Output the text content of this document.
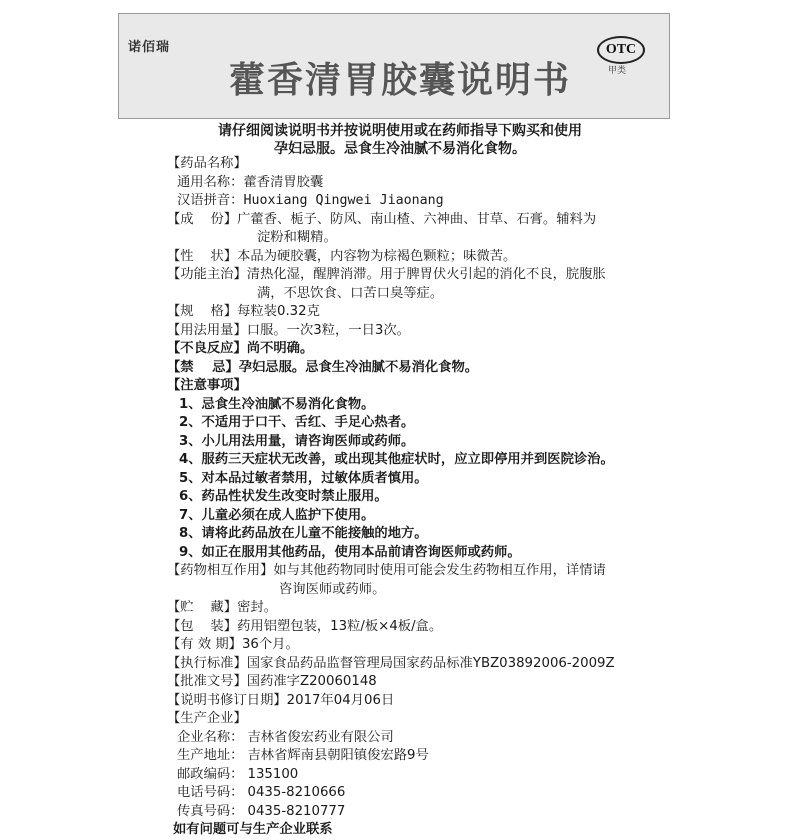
诺佰瑞
藿香清胃胶囊说明书
OTC
甲类
请仔细阅读说明书并按说明使用或在药师指导下购买和使用
孕妇忌服。忌食生冷油腻不易消化食物。
【药品名称】
通用名称： 藿香清胃胶囊
汉语拼音： Huoxiang Qingwei Jiaonang
【成    份】 广藿香、栀子、防风、南山楂、六神曲、甘草、石膏。辅料为
淀粉和糊精。
【性    状】 本品为硬胶囊，内容物为棕褐色颗粒；味微苦。
【功能主治】 清热化湿，醒脾消滞。用于脾胃伏火引起的消化不良，脘腹胀
满，不思饮食、口苦口臭等症。
【规    格】 每粒装0.32克
【用法用量】 口服。一次3粒，一日3次。
【不良反应】 尚不明确。
【禁    忌】 孕妇忌服。忌食生冷油腻不易消化食物。
【注意事项】
1、忌食生冷油腻不易消化食物。
2、不适用于口干、舌红、手足心热者。
3、小儿用法用量，请咨询医师或药师。
4、服药三天症状无改善，或出现其他症状时，应立即停用并到医院诊治。
5、对本品过敏者禁用，过敏体质者慎用。
6、药品性状发生改变时禁止服用。
7、儿童必须在成人监护下使用。
8、请将此药品放在儿童不能接触的地方。
9、如正在服用其他药品，使用本品前请咨询医师或药师。
【药物相互作用】 如与其他药物同时使用可能会发生药物相互作用，详情请
咨询医师或药师。
【贮    藏】 密封。
【包    装】 药用铝塑包装，13粒/板×4板/盒。
【有 效 期】 36个月。
【执行标准】 国家食品药品监督管理局国家药品标准YBZ03892006-2009Z
【批准文号】 国药准字Z20060148
【说明书修订日期】 2017年04月06日
【生产企业】
企业名称： 吉林省俊宏药业有限公司
生产地址： 吉林省辉南县朝阳镇俊宏路9号
邮政编码： 135100
电话号码： 0435-8210666
传真号码： 0435-8210777
如有问题可与生产企业联系
